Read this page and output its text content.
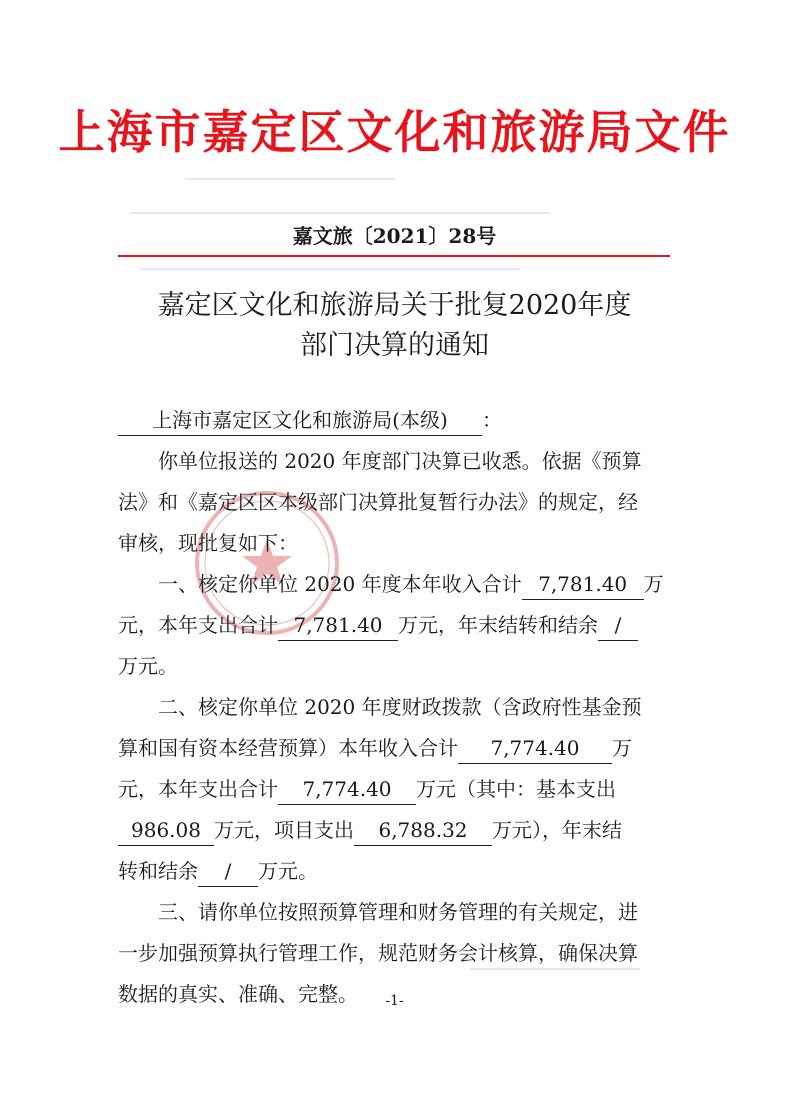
上海市嘉定区文化和旅游局文件
嘉文旅〔2021〕28号
嘉定区文化和旅游局关于批复2020年度
部门决算的通知
上海市嘉定区文化和旅游局(本级) ：
你单位报送的 2020 年度部门决算已收悉。依据《预算
法》和《嘉定区区本级部门决算批复暂行办法》的规定，经
审核，现批复如下：
一、核定你单位 2020 年度本年收入合计 7,781.40 万
元，本年支出合计 7,781.40 万元，年末结转和结余 /
万元。
二、核定你单位 2020 年度财政拨款（含政府性基金预
算和国有资本经营预算）本年收入合计 7,774.40 万
元，本年支出合计 7,774.40 万元（其中：基本支出
986.08 万元，项目支出 6,788.32 万元），年末结
转和结余 / 万元。
三、请你单位按照预算管理和财务管理的有关规定，进
一步加强预算执行管理工作，规范财务会计核算，确保决算
数据的真实、准确、完整。	-1-
